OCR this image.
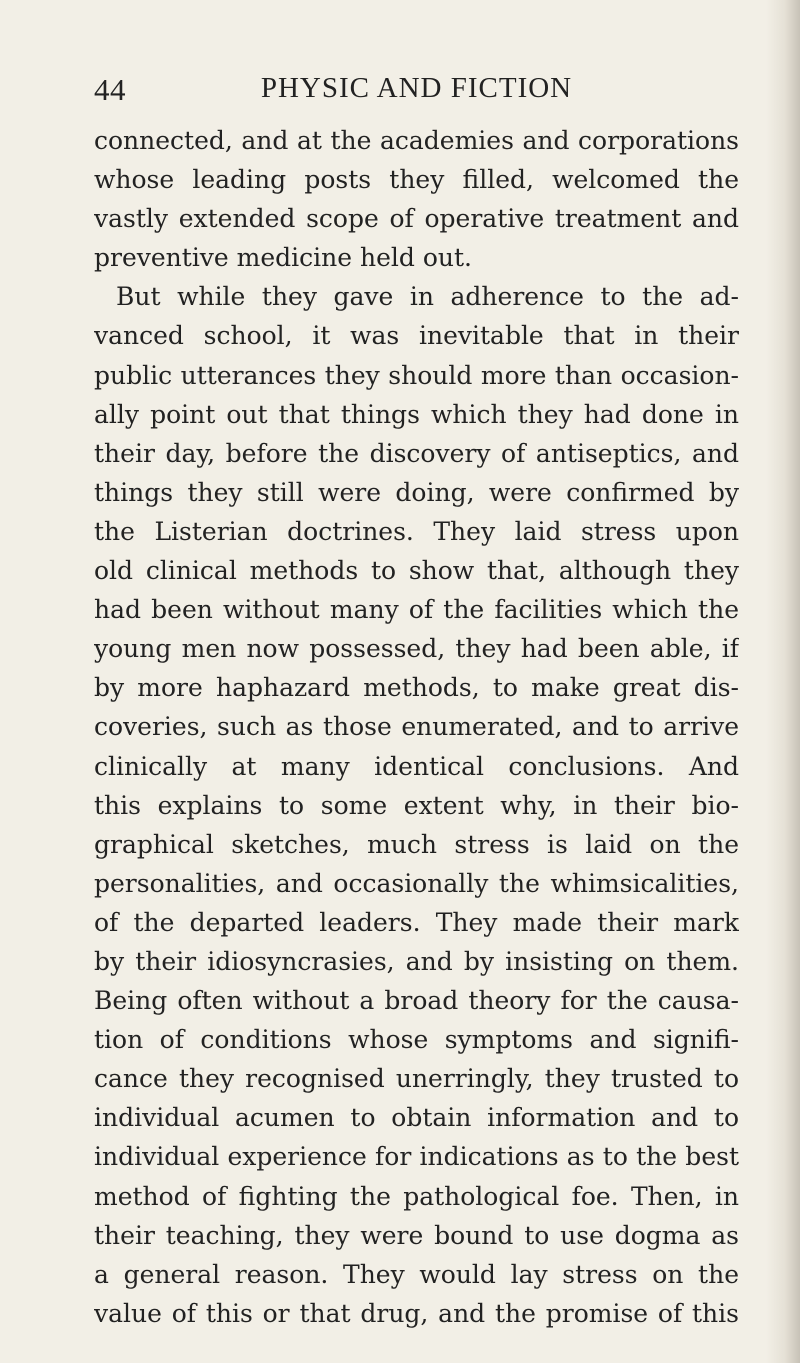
44	PHYSIC AND FICTION
connected, and at the academies and corporations
whose leading posts they filled, welcomed the
vastly extended scope of operative treatment and
preventive medicine held out.
But while they gave in adherence to the ad-
vanced school, it was inevitable that in their
public utterances they should more than occasion-
ally point out that things which they had done in
their day, before the discovery of antiseptics, and
things they still were doing, were confirmed by
the Listerian doctrines. They laid stress upon
old clinical methods to show that, although they
had been without many of the facilities which the
young men now possessed, they had been able, if
by more haphazard methods, to make great dis-
coveries, such as those enumerated, and to arrive
clinically at many identical conclusions. And
this explains to some extent why, in their bio-
graphical sketches, much stress is laid on the
personalities, and occasionally the whimsicalities,
of the departed leaders. They made their mark
by their idiosyncrasies, and by insisting on them.
Being often without a broad theory for the causa-
tion of conditions whose symptoms and signifi-
cance they recognised unerringly, they trusted to
individual acumen to obtain information and to
individual experience for indications as to the best
method of fighting the pathological foe. Then, in
their teaching, they were bound to use dogma as
a general reason. They would lay stress on the
value of this or that drug, and the promise of this
